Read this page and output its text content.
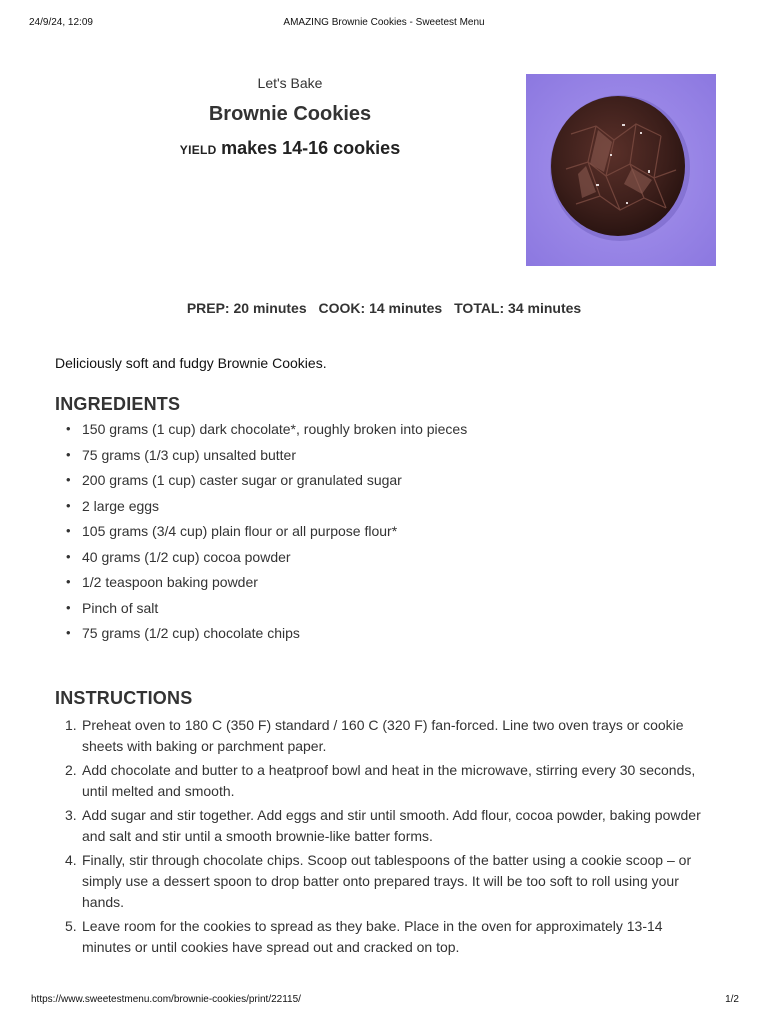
24/9/24, 12:09	AMAZING Brownie Cookies - Sweetest Menu

Let's Bake

Brownie Cookies
YIELD makes 14-16 cookies
PREP: 20 minutes COOK: 14 minutes TOTAL: 34 minutes

Deliciously soft and fudgy Brownie Cookies.

INGREDIENTS
• 150 grams (1 cup) dark chocolate*, roughly broken into pieces
• 75 grams (1/3 cup) unsalted butter
• 200 grams (1 cup) caster sugar or granulated sugar
• 2 large eggs
• 105 grams (3/4 cup) plain flour or all purpose flour*
• 40 grams (1/2 cup) cocoa powder
• 1/2 teaspoon baking powder
• Pinch of salt
• 75 grams (1/2 cup) chocolate chips
INSTRUCTIONS
1. Preheat oven to 180 C (350 F) standard / 160 C (320 F) fan-forced. Line two oven trays or cookie sheets with baking or parchment paper.
2. Add chocolate and butter to a heatproof bowl and heat in the microwave, stirring every 30 seconds, until melted and smooth.
3. Add sugar and stir together. Add eggs and stir until smooth. Add flour, cocoa powder, baking powder and salt and stir until a smooth brownie-like batter forms.
4. Finally, stir through chocolate chips. Scoop out tablespoons of the batter using a cookie scoop – or simply use a dessert spoon to drop batter onto prepared trays. It will be too soft to roll using your hands.
5. Leave room for the cookies to spread as they bake. Place in the oven for approximately 13-14 minutes or until cookies have spread out and cracked on top.
https://www.sweetestmenu.com/brownie-cookies/print/22115/	1/2
